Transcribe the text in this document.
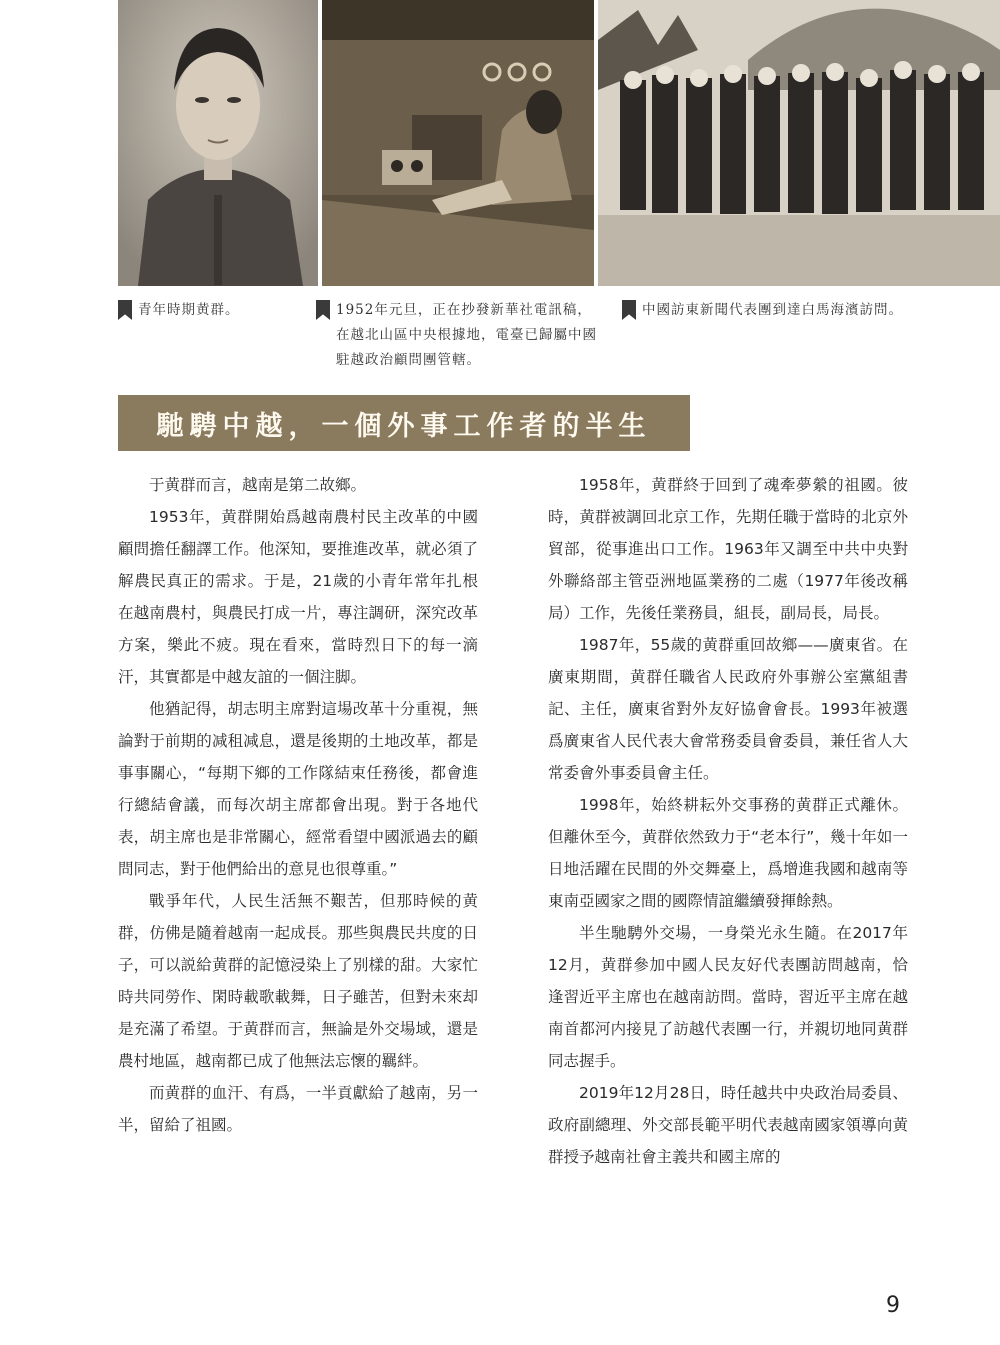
青年時期黄群。	1952年元旦，正在抄發新華社電訊稿，
在越北山區中央根據地，電臺已歸屬中國
駐越政治顧問團管轄。
中國訪東新聞代表團到達白馬海濱訪問。
馳騁中越，一個外事工作者的半生

于黄群而言，越南是第二故鄉。

1953年，黄群開始爲越南農村民主改革的中國顧問擔任翻譯工作。他深知，要推進改革，就必須了解農民真正的需求。于是，21歲的小青年常年扎根在越南農村，與農民打成一片，專注調研，深究改革方案，樂此不疲。現在看來，當時烈日下的每一滴汗，其實都是中越友誼的一個注脚。

他猶記得，胡志明主席對這場改革十分重視，無論對于前期的减租减息，還是後期的土地改革，都是事事關心，“每期下鄉的工作隊結束任務後，都會進行總結會議，而每次胡主席都會出現。對于各地代表，胡主席也是非常關心，經常看望中國派過去的顧問同志，對于他們給出的意見也很尊重。”

戰爭年代，人民生活無不艱苦，但那時候的黄群，仿佛是隨着越南一起成長。那些與農民共度的日子，可以説給黄群的記憶浸染上了别樣的甜。大家忙時共同勞作、閑時載歌載舞，日子雖苦，但對未來却是充滿了希望。于黄群而言，無論是外交場域，還是農村地區，越南都已成了他無法忘懷的羈絆。

而黄群的血汗、有爲，一半貢獻給了越南，另一半，留給了祖國。

1958年，黄群終于回到了魂牽夢縈的祖國。彼時，黄群被調回北京工作，先期任職于當時的北京外貿部，從事進出口工作。1963年又調至中共中央對外聯絡部主管亞洲地區業務的二處（1977年後改稱局）工作，先後任業務員，組長，副局長，局長。

1987年，55歲的黄群重回故鄉——廣東省。在廣東期間，黄群任職省人民政府外事辦公室黨組書記、主任，廣東省對外友好協會會長。1993年被選爲廣東省人民代表大會常務委員會委員，兼任省人大常委會外事委員會主任。

1998年，始終耕耘外交事務的黄群正式離休。但離休至今，黄群依然致力于“老本行”，幾十年如一日地活躍在民間的外交舞臺上，爲增進我國和越南等東南亞國家之間的國際情誼繼續發揮餘熱。

半生馳騁外交場，一身榮光永生隨。在2017年12月，黄群參加中國人民友好代表團訪問越南，恰逢習近平主席也在越南訪問。當時，習近平主席在越南首都河内接見了訪越代表團一行，并親切地同黄群同志握手。

2019年12月28日，時任越共中央政治局委員、政府副總理、外交部長範平明代表越南國家領導向黄群授予越南社會主義共和國主席的

9
